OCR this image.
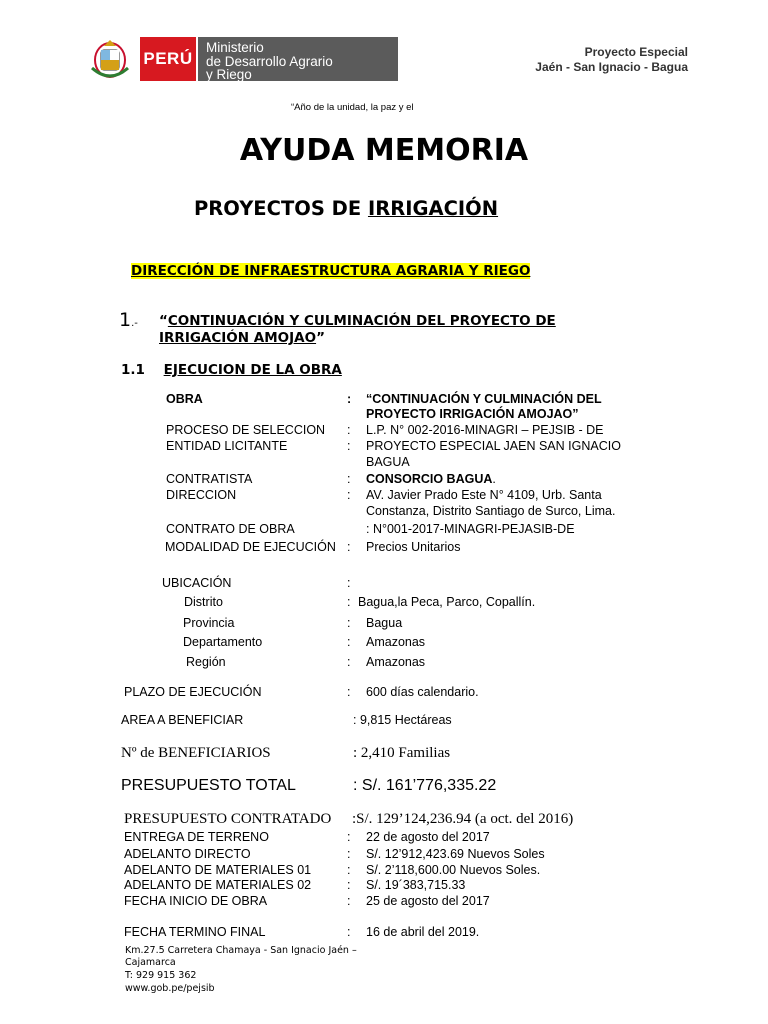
PERÚ
Ministerio
de Desarrollo Agrario
y Riego
Proyecto Especial
Jaén - San Ignacio - Bagua
“Año de la unidad, la paz y el
AYUDA MEMORIA
PROYECTOS DE IRRIGACIÓN
DIRECCIÓN DE INFRAESTRUCTURA AGRARIA Y RIEGO
1.- “CONTINUACIÓN Y CULMINACIÓN DEL PROYECTO DE
IRRIGACIÓN AMOJAO”
1.1 EJECUCION DE LA OBRA
OBRA	: “CONTINUACIÓN Y CULMINACIÓN DEL
PROYECTO IRRIGACIÓN AMOJAO”
PROCESO DE SELECCION : L.P. N° 002-2016-MINAGRI – PEJSIB - DE
ENTIDAD LICITANTE	: PROYECTO ESPECIAL JAEN SAN IGNACIO
BAGUA
CONTRATISTA	: CONSORCIO BAGUA.
DIRECCION	: AV. Javier Prado Este N° 4109, Urb. Santa
Constanza, Distrito Santiago de Surco, Lima.
CONTRATO DE OBRA	: N°001-2017-MINAGRI-PEJASIB-DE
MODALIDAD DE EJECUCIÓN : Precios Unitarios
UBICACIÓN	:
Distrito	: Bagua,la Peca, Parco, Copallín.
Provincia	: Bagua
Departamento	: Amazonas
Región	: Amazonas
PLAZO DE EJECUCIÓN	: 600 días calendario.
AREA A BENEFICIAR	: 9,815 Hectáreas
Nº de BENEFICIARIOS	: 2,410 Familias
PRESUPUESTO TOTAL	: S/. 161’776,335.22
PRESUPUESTO CONTRATADO :S/. 129’124,236.94 (a oct. del 2016)
ENTREGA DE TERRENO	: 22 de agosto del 2017
ADELANTO DIRECTO	: S/. 12’912,423.69 Nuevos Soles
ADELANTO DE MATERIALES 01	: S/. 2’118,600.00 Nuevos Soles.
ADELANTO DE MATERIALES 02	: S/. 19´383,715.33
FECHA INICIO DE OBRA	: 25 de agosto del 2017
FECHA TERMINO FINAL	: 16 de abril del 2019.
Km.27.5 Carretera Chamaya - San Ignacio Jaén –
Cajamarca
T: 929 915 362
www.gob.pe/pejsib
